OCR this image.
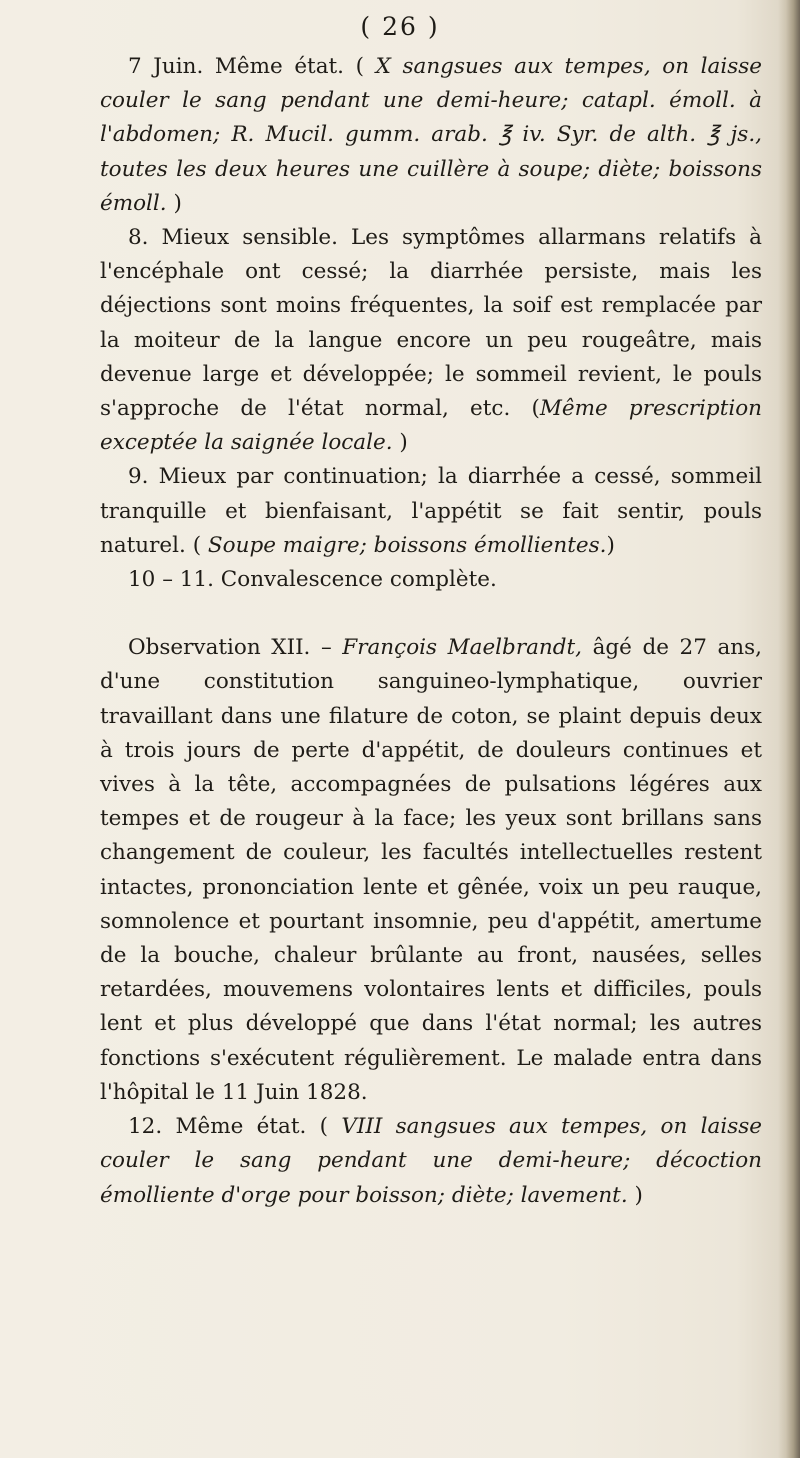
( 26 )

7 Juin. Même état. ( X sangsues aux tempes, on laisse couler le sang pendant une demi-heure; catapl. émoll. à l'abdomen; R. Mucil. gumm. arab. ℥ iv. Syr. de alth. ℥ js., toutes les deux heures une cuillère à soupe; diète; boissons émoll. )

8. Mieux sensible. Les symptômes allarmans relatifs à l'encéphale ont cessé; la diarrhée persiste, mais les déjections sont moins fréquentes, la soif est remplacée par la moiteur de la langue encore un peu rougeâtre, mais devenue large et développée; le sommeil revient, le pouls s'approche de l'état normal, etc. (Même prescription exceptée la saignée locale. )

9. Mieux par continuation; la diarrhée a cessé, sommeil tranquille et bienfaisant, l'appétit se fait sentir, pouls naturel. ( Soupe maigre; boissons émollientes.)

10 – 11. Convalescence complète.

Observation XII. – François Maelbrandt, âgé de 27 ans, d'une constitution sanguineo-lymphatique, ouvrier travaillant dans une filature de coton, se plaint depuis deux à trois jours de perte d'appétit, de douleurs continues et vives à la tête, accompagnées de pulsations légéres aux tempes et de rougeur à la face; les yeux sont brillans sans changement de couleur, les facultés intellectuelles restent intactes, prononciation lente et gênée, voix un peu rauque, somnolence et pourtant insomnie, peu d'appétit, amertume de la bouche, chaleur brûlante au front, nausées, selles retardées, mouvemens volontaires lents et difficiles, pouls lent et plus développé que dans l'état normal; les autres fonctions s'exécutent régulièrement. Le malade entra dans l'hôpital le 11 Juin 1828.

12. Même état. ( VIII sangsues aux tempes, on laisse couler le sang pendant une demi-heure; décoction émolliente d'orge pour boisson; diète; lavement. )
